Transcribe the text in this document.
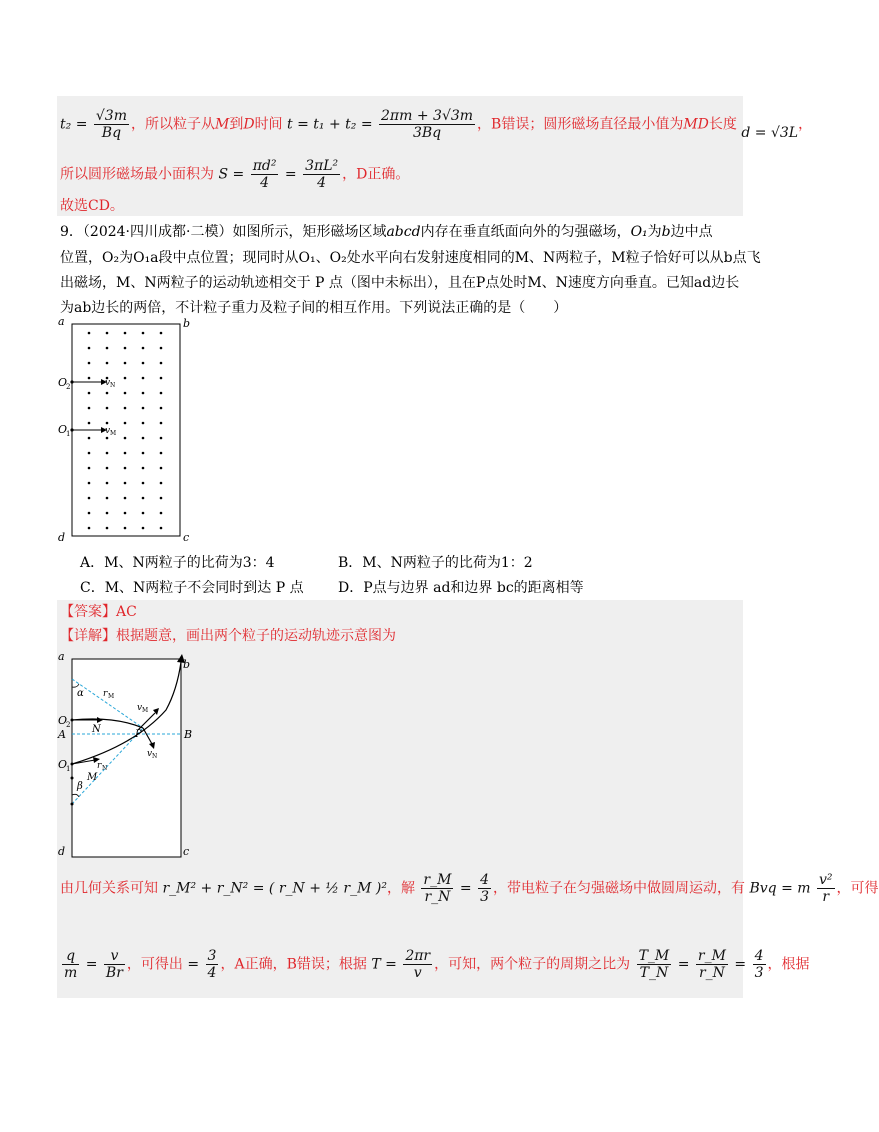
$t_2 = \frac{√3m}{Bq}$ ，所以粒子从M到D时间 $t = t_1 + t_2 = \frac{2\pi m + 3√3m}{3Bq}$ ，B错误；圆形磁场直径最小值为MD长度 d = √3L，
所以圆形磁场最小面积为 $S = \frac{\text{πd²}}{4} = \frac{\text{3πL²}}{4}$ ，D正确。
故选CD。
9．（2024·四川成都·二模）如图所示，矩形磁场区域abcd内存在垂直纸面向外的匀强磁场，O₁为b边中点
位置，O₂为O₁a段中点位置；现同时从O₁、O₂处水平向右发射速度相同的M、N两粒子，M粒子恰好可以从b点飞
出磁场，M、N两粒子的运动轨迹相交于 P 点（图中未标出），且在P点处时M、N速度方向垂直。已知ad边长
为ab边长的两倍，不计粒子重力及粒子间的相互作用。下列说法正确的是（　　）
a	b
d	c
O
2
O
1
v N
v M
A．M、N两粒子的比荷为3：4	B．M、N两粒子的比荷为1：2
C．M、N两粒子不会同时到达 P 点 D．P点与边界 ad和边界 bc的距离相等
【答案】AC
【详解】根据题意，画出两个粒子的运动轨迹示意图为
a
b
d	c
A	B
O
2
O
1
N
M
P
α
β
r M
r N
v M
v N
由几何关系可知 r_M² + r_N² = ( r_N + ½ r_M )²，解 $\frac{r\_M}{r\_N} = \frac{4}{3}$ ，带电粒子在匀强磁场中做圆周运动，有 Bvq = m $\frac{\text{v²}}{r}$ ，可得
$\frac{q}{m} = \frac{v}{Br}$ ，可得出 = $\frac{3}{4}$ ，A正确，B错误；根据 $T = \frac{2\pi r}{v}$ ，可知，两个粒子的周期之比为 $\frac{T\_M}{T\_N} = \frac{r\_M}{r\_N} = \frac{4}{3}$ ，根据
